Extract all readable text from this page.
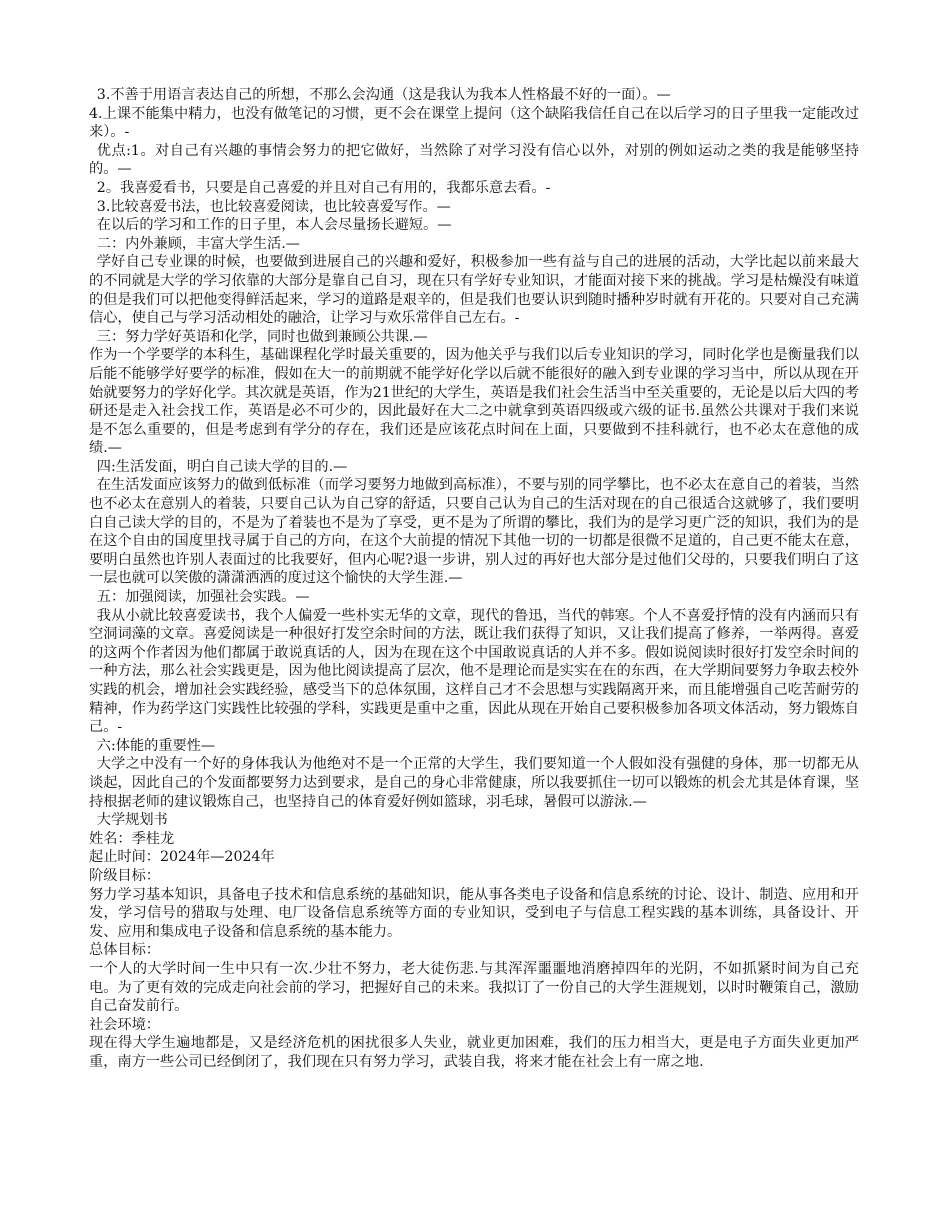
3.不善于用语言表达自己的所想，不那么会沟通（这是我认为我本人性格最不好的一面）。—

4.上课不能集中精力，也没有做笔记的习惯，更不会在课堂上提问（这个缺陷我信任自己在以后学习的日子里我一定能改过来）。-

优点:1。对自己有兴趣的事情会努力的把它做好，当然除了对学习没有信心以外，对别的例如运动之类的我是能够坚持的。—

2。我喜爱看书，只要是自己喜爱的并且对自己有用的，我都乐意去看。-

3.比较喜爱书法，也比较喜爱阅读，也比较喜爱写作。—

在以后的学习和工作的日子里，本人会尽量扬长避短。—

二：内外兼顾，丰富大学生活.—

学好自己专业课的时候，也要做到进展自己的兴趣和爱好，积极参加一些有益与自己的进展的活动，大学比起以前来最大的不同就是大学的学习依靠的大部分是靠自己自习，现在只有学好专业知识，才能面对接下来的挑战。学习是枯燥没有味道的但是我们可以把他变得鲜活起来，学习的道路是艰辛的，但是我们也要认识到随时播种岁时就有开花的。只要对自己充满信心，使自己与学习活动相处的融洽，让学习与欢乐常伴自己左右。-

三：努力学好英语和化学，同时也做到兼顾公共课.—

作为一个学要学的本科生，基础课程化学时最关重要的，因为他关乎与我们以后专业知识的学习，同时化学也是衡量我们以后能不能够学好要学的标准，假如在大一的前期就不能学好化学以后就不能很好的融入到专业课的学习当中，所以从现在开始就要努力的学好化学。其次就是英语，作为21世纪的大学生，英语是我们社会生活当中至关重要的，无论是以后大四的考研还是走入社会找工作，英语是必不可少的，因此最好在大二之中就拿到英语四级或六级的证书.虽然公共课对于我们来说是不怎么重要的，但是考虑到有学分的存在，我们还是应该花点时间在上面，只要做到不挂科就行，也不必太在意他的成绩.—

四:生活发面，明白自己读大学的目的.—

在生活发面应该努力的做到低标准（而学习要努力地做到高标准），不要与别的同学攀比，也不必太在意自己的着装，当然也不必太在意别人的着装，只要自己认为自己穿的舒适，只要自己认为自己的生活对现在的自己很适合这就够了，我们要明白自己读大学的目的，不是为了着装也不是为了享受，更不是为了所谓的攀比，我们为的是学习更广泛的知识，我们为的是在这个自由的国度里找寻属于自己的方向，在这个大前提的情况下其他一切的一切都是很微不足道的，自己更不能太在意，要明白虽然也许别人表面过的比我要好，但内心呢?退一步讲，别人过的再好也大部分是过他们父母的，只要我们明白了这一层也就可以笑傲的潇潇洒洒的度过这个愉快的大学生涯.—

五：加强阅读，加强社会实践。—

我从小就比较喜爱读书，我个人偏爱一些朴实无华的文章，现代的鲁迅，当代的韩寒。个人不喜爱抒情的没有内涵而只有空洞词藻的文章。喜爱阅读是一种很好打发空余时间的方法，既让我们获得了知识，又让我们提高了修养，一举两得。喜爱的这两个作者因为他们都属于敢说真话的人，因为在现在这个中国敢说真话的人并不多。假如说阅读时很好打发空余时间的一种方法，那么社会实践更是，因为他比阅读提高了层次，他不是理论而是实实在在的东西，在大学期间要努力争取去校外实践的机会，增加社会实践经验，感受当下的总体氛围，这样自己才不会思想与实践隔离开来，而且能增强自己吃苦耐劳的精神，作为药学这门实践性比较强的学科，实践更是重中之重，因此从现在开始自己要积极参加各项文体活动，努力锻炼自己。-

六:体能的重要性—

大学之中没有一个好的身体我认为他绝对不是一个正常的大学生，我们要知道一个人假如没有强健的身体，那一切都无从谈起，因此自己的个发面都要努力达到要求，是自己的身心非常健康，所以我要抓住一切可以锻炼的机会尤其是体育课，坚持根据老师的建议锻炼自己，也坚持自己的体育爱好例如篮球，羽毛球，暑假可以游泳.—

大学规划书

姓名：季桂龙

起止时间：2024年—2024年

阶级目标：

努力学习基本知识，具备电子技术和信息系统的基础知识，能从事各类电子设备和信息系统的讨论、设计、制造、应用和开发，学习信号的猎取与处理、电厂设备信息系统等方面的专业知识，受到电子与信息工程实践的基本训练，具备设计、开发、应用和集成电子设备和信息系统的基本能力。

总体目标：

一个人的大学时间一生中只有一次.少壮不努力，老大徒伤悲.与其浑浑噩噩地消磨掉四年的光阴，不如抓紧时间为自己充电。为了更有效的完成走向社会前的学习，把握好自己的未来。我拟订了一份自己的大学生涯规划，以时时鞭策自己，激励自己奋发前行。

社会环境：

现在得大学生遍地都是，又是经济危机的困扰很多人失业，就业更加困难，我们的压力相当大，更是电子方面失业更加严重，南方一些公司已经倒闭了，我们现在只有努力学习，武装自我，将来才能在社会上有一席之地.
